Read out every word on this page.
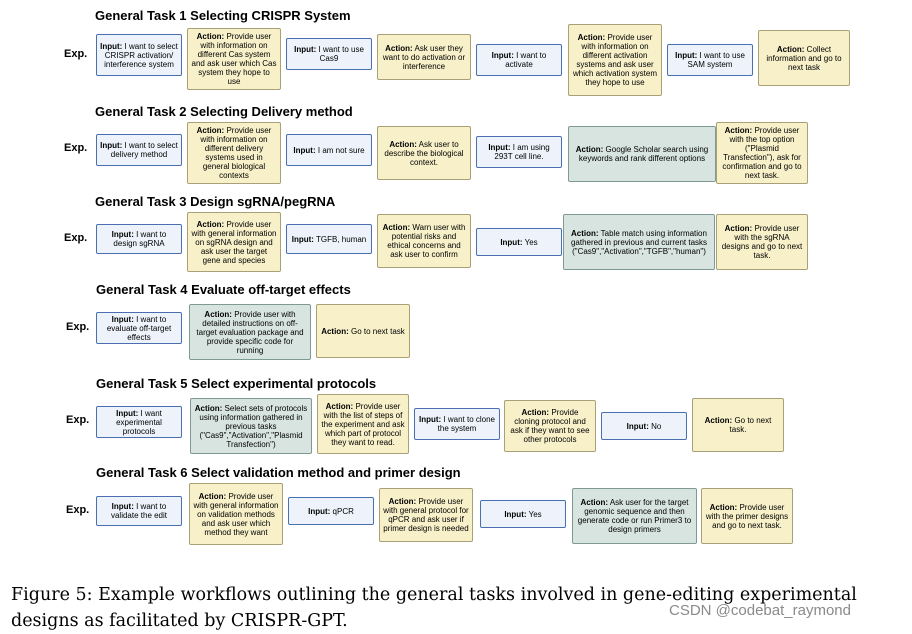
General Task 1 Selecting CRISPR System
Exp.
Input: I want to select CRISPR activation/ interference system
Action: Provide user with information on different Cas system and ask user which Cas system they hope to use
Input: I want to use Cas9
Action: Ask user they want to do activation or interference
Input: I want to activate
Action: Provide user with information on different activation systems and ask user which activation system they hope to use
Input: I want to use SAM system
Action: Collect information and go to next task
General Task 2 Selecting Delivery method
Exp. Input: I want to select delivery method
Action: Provide user with information on different delivery systems used in general biological contexts
Input: I am not sure
Action: Ask user to describe the biological context.
Input: I am using 293T cell line.
Action: Google Scholar search using keywords and rank different options
Action: Provide user with the top option ("Plasmid Transfection"), ask for confirmation and go to next task.
General Task 3 Design sgRNA/pegRNA
Exp.	Input: I want to design sgRNA
Action: Provide user with general information on sgRNA design and ask user the target gene and species
Input: TGFB, human
Action: Warn user with potential risks and ethical concerns and ask user to confirm
Input: Yes
Action: Table match using information gathered in previous and current tasks ("Cas9","Activation","TGFB","human")
Action: Provide user with the sgRNA designs and go to next task.
General Task 4 Evaluate off-target effects
Exp.
Input: I want to evaluate off-target effects
Action: Provide user with detailed instructions on off-target evaluation package and provide specific code for running
Action: Go to next task
General Task 5 Select experimental protocols
Exp.
Input: I want experimental protocols
Action: Select sets of protocols using information gathered in previous tasks ("Cas9","Activation","Plasmid Transfection")
Action: Provide user with the list of steps of the experiment and ask which part of protocol they want to read.
Input: I want to clone the system
Action: Provide cloning protocol and ask if they want to see other protocols
Input: No
Action: Go to next task.
General Task 6 Select validation method and primer design
Exp.	Input: I want to validate the edit
Action: Provide user with general information on validation methods and ask user which method they want
Input: qPCR
Action: Provide user with general protocol for qPCR and ask user if primer design is needed
Input: Yes
Action: Ask user for the target genomic sequence and then generate code or run Primer3 to design primers
Action: Provide user with the primer designs and go to next task.
Figure 5: Example workflows outlining the general tasks involved in gene-editing experimental designs as facilitated by CRISPR-GPT.
CSDN @codebat_raymond
